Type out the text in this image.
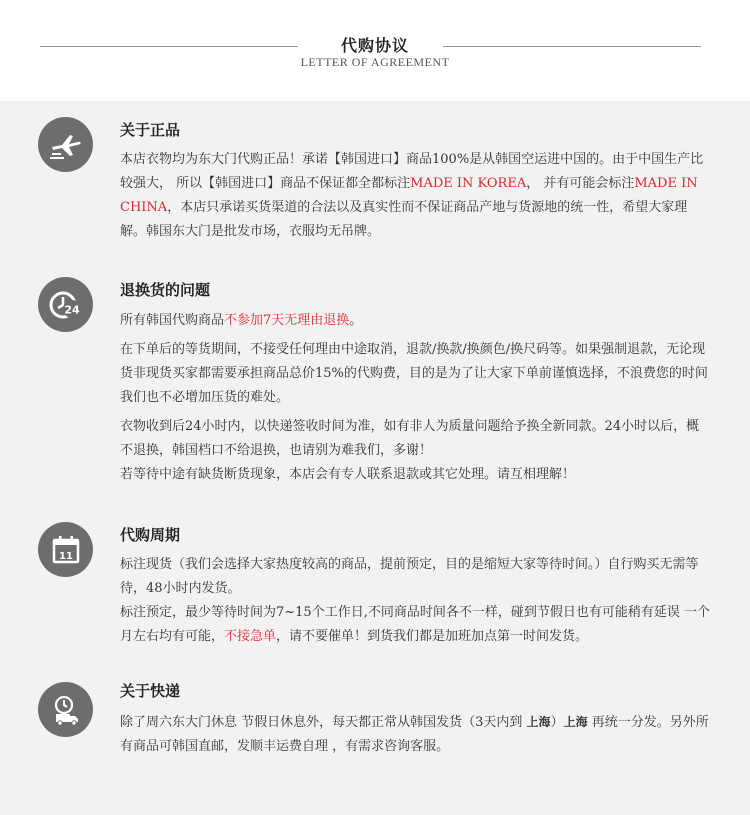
代购协议
LETTER OF AGREEMENT
关于正品

本店衣物均为东大门代购正品！承诺【韩国进口】商品100%是从韩国空运进中国的。由于中国生产比较强大， 所以【韩国进口】商品不保证都全都标注MADE IN KOREA， 并有可能会标注MADE IN CHINA，本店只承诺买货渠道的合法以及真实性而不保证商品产地与货源地的统一性，希望大家理解。韩国东大门是批发市场，衣服均无吊牌。

24
退换货的问题

所有韩国代购商品不参加7天无理由退换。

在下单后的等货期间，不接受任何理由中途取消，退款/换款/换颜色/换尺码等。如果强制退款，无论现货非现货买家都需要承担商品总价15%的代购费，目的是为了让大家下单前谨慎选择，不浪费您的时间 我们也不必增加压货的难处。

衣物收到后24小时内，以快递签收时间为准，如有非人为质量问题给予换全新同款。24小时以后，概不退换，韩国档口不给退换，也请别为难我们，多谢！

若等待中途有缺货断货现象，本店会有专人联系退款或其它处理。请互相理解！

11
代购周期

标注现货（我们会选择大家热度较高的商品，提前预定，目的是缩短大家等待时间。）自行购买无需等待，48小时内发货。

标注预定，最少等待时间为7~15个工作日,不同商品时间各不一样，碰到节假日也有可能稍有延误 一个月左右均有可能，不接急单，请不要催单！到货我们都是加班加点第一时间发货。

关于快递

除了周六东大门休息 节假日休息外，每天都正常从韩国发货（3天内到 上海）上海 再统一分发。另外所有商品可韩国直邮，发顺丰运费自理 ，有需求咨询客服。
